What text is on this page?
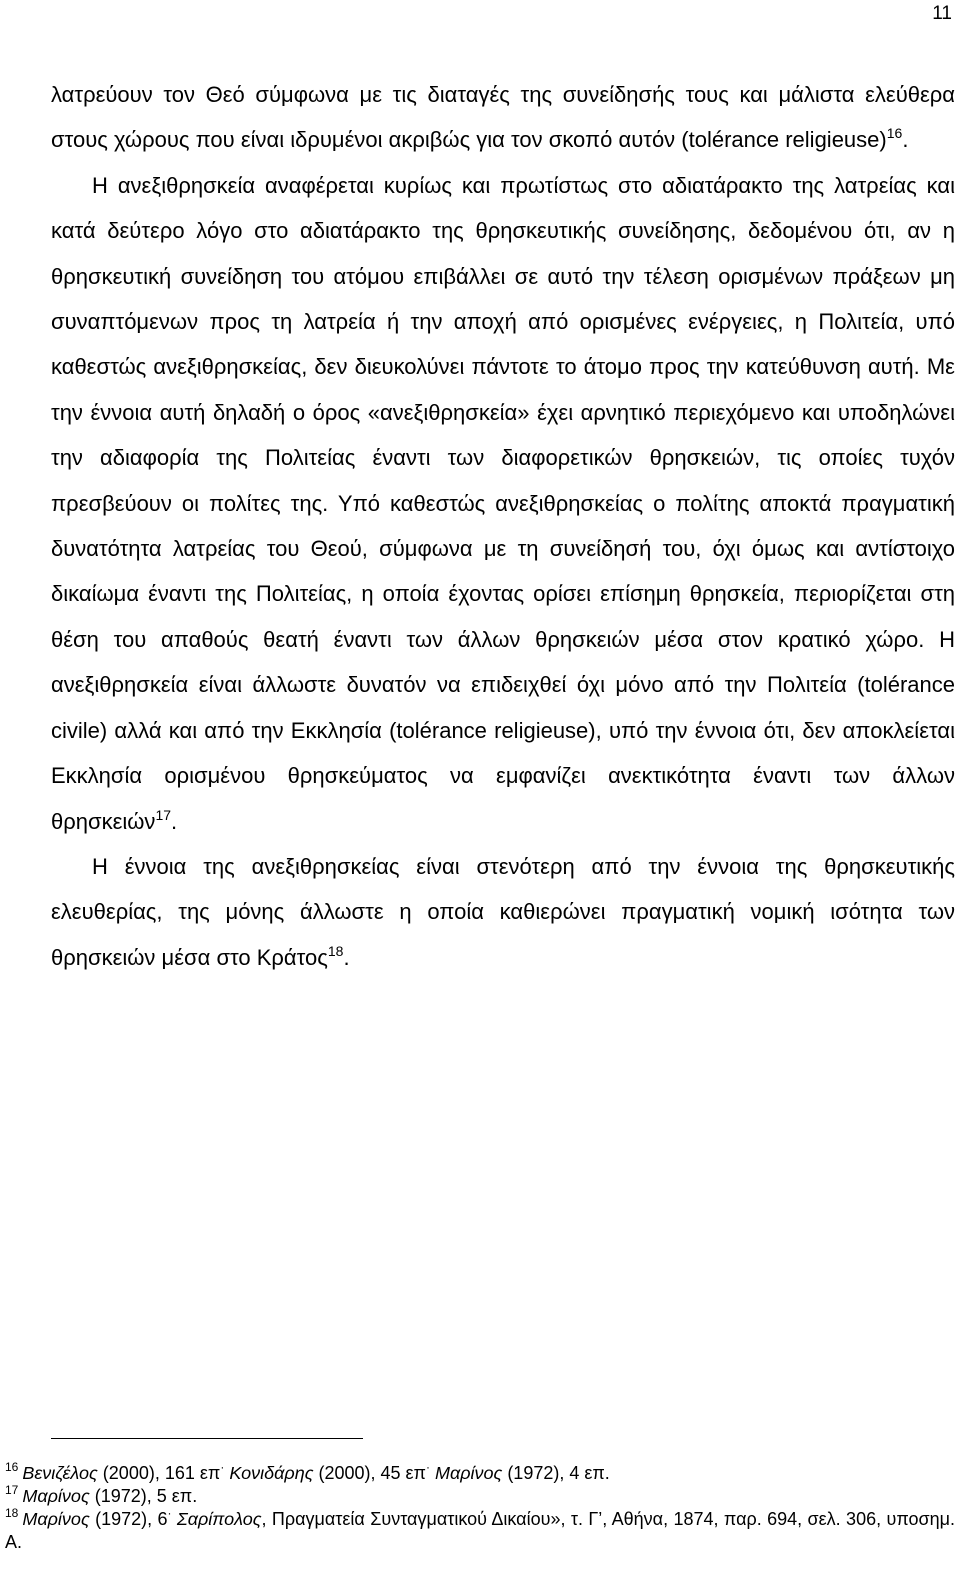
11

λατρεύουν τον Θεό σύμφωνα με τις διαταγές της συνείδησής τους και μάλιστα ελεύθερα στους χώρους που είναι ιδρυμένοι ακριβώς για τον σκοπό αυτόν (tolérance religieuse)$^{16}$.

Η ανεξιθρησκεία αναφέρεται κυρίως και πρωτίστως στο αδιατάρακτο της λατρείας και κατά δεύτερο λόγο στο αδιατάρακτο της θρησκευτικής συνείδησης, δεδομένου ότι, αν η θρησκευτική συνείδηση του ατόμου επιβάλλει σε αυτό την τέλεση ορισμένων πράξεων μη συναπτόμενων προς τη λατρεία ή την αποχή από ορισμένες ενέργειες, η Πολιτεία, υπό καθεστώς ανεξιθρησκείας, δεν διευκολύνει πάντοτε το άτομο προς την κατεύθυνση αυτή. Με την έννοια αυτή δηλαδή ο όρος «ανεξιθρησκεία» έχει αρνητικό περιεχόμενο και υποδηλώνει την αδιαφορία της Πολιτείας έναντι των διαφορετικών θρησκειών, τις οποίες τυχόν πρεσβεύουν οι πολίτες της. Υπό καθεστώς ανεξιθρησκείας ο πολίτης αποκτά πραγματική δυνατότητα λατρείας του Θεού, σύμφωνα με τη συνείδησή του, όχι όμως και αντίστοιχο δικαίωμα έναντι της Πολιτείας, η οποία έχοντας ορίσει επίσημη θρησκεία, περιορίζεται στη θέση του απαθούς θεατή έναντι των άλλων θρησκειών μέσα στον κρατικό χώρο. Η ανεξιθρησκεία είναι άλλωστε δυνατόν να επιδειχθεί όχι μόνο από την Πολιτεία (tolérance civile) αλλά και από την Εκκλησία (tolérance religieuse), υπό την έννοια ότι, δεν αποκλείεται Εκκλησία ορισμένου θρησκεύματος να εμφανίζει ανεκτικότητα έναντι των άλλων θρησκειών$^{17}$.

Η έννοια της ανεξιθρησκείας είναι στενότερη από την έννοια της θρησκευτικής ελευθερίας, της μόνης άλλωστε η οποία καθιερώνει πραγματική νομική ισότητα των θρησκειών μέσα στο Κράτος$^{18}$.

$^{16}$ Βενιζέλος (2000), 161 επ· Κονιδάρης (2000), 45 επ· Μαρίνος (1972), 4 επ.

$^{17}$ Μαρίνος (1972), 5 επ.

$^{18}$ Μαρίνος (1972), 6· Σαρίπολος, Πραγματεία Συνταγματικού Δικαίου», τ. Γ’, Αθήνα, 1874, παρ. 694, σελ. 306, υποσημ. Α.
